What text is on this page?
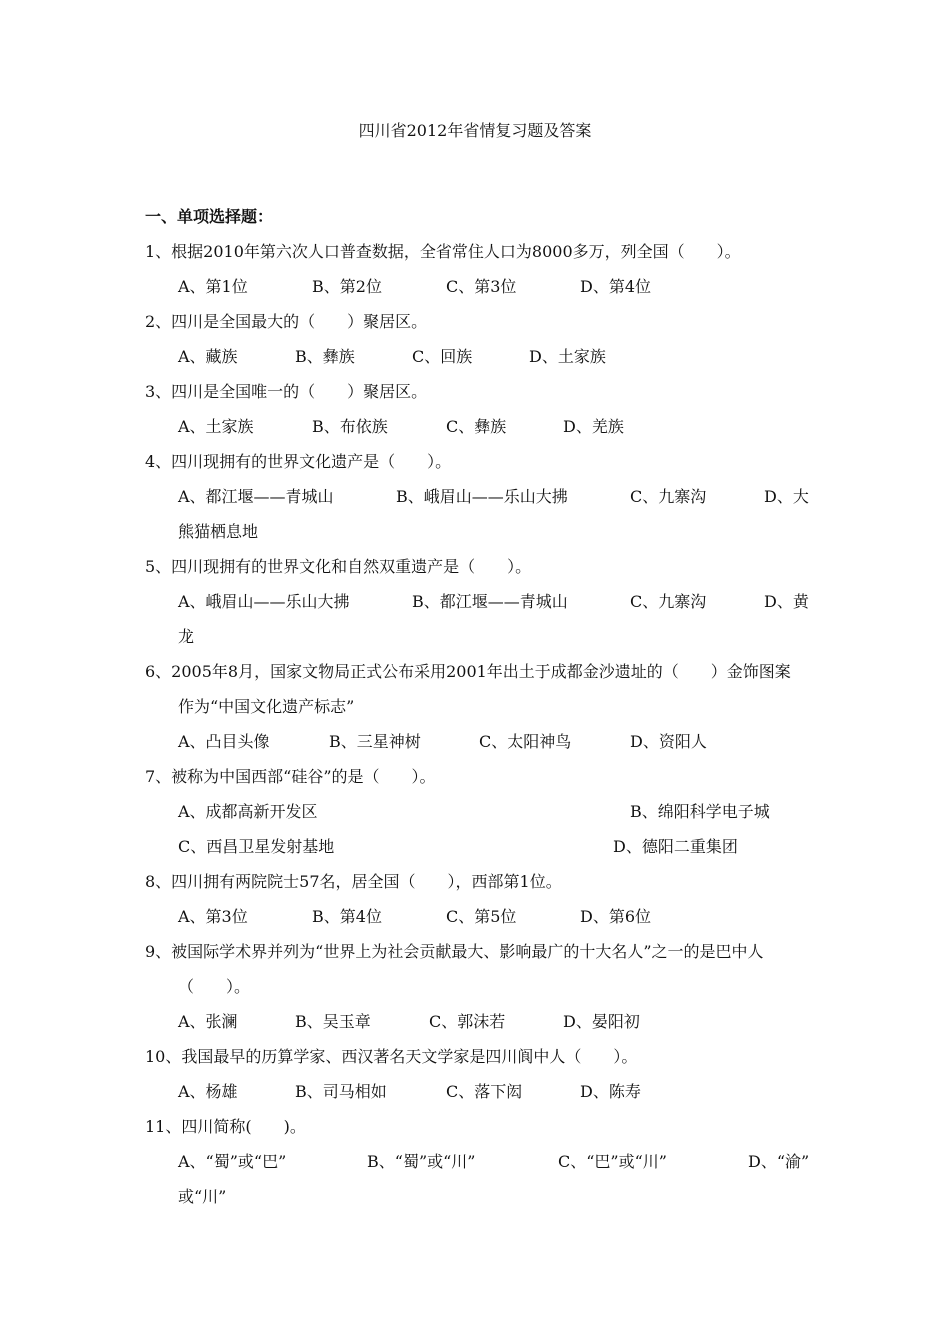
四川省2012年省情复习题及答案
一、单项选择题：
1、根据2010年第六次人口普查数据，全省常住人口为8000多万，列全国（　　）。
A、第1位	B、第2位	C、第3位	D、第4位
2、四川是全国最大的（　　）聚居区。
A、藏族	B、彝族	C、回族	D、土家族
3、四川是全国唯一的（　　）聚居区。
A、土家族	B、布依族	C、彝族	D、羌族
4、四川现拥有的世界文化遗产是（　　）。
A、都江堰——青城山	B、峨眉山——乐山大拂	C、九寨沟	D、大
熊猫栖息地
5、四川现拥有的世界文化和自然双重遗产是（　　）。
A、峨眉山——乐山大拂	B、都江堰——青城山	C、九寨沟	D、黄
龙
6、2005年8月，国家文物局正式公布采用2001年出土于成都金沙遗址的（　　）金饰图案
作为“中国文化遗产标志”
A、凸目头像	B、三星神树	C、太阳神鸟	D、资阳人
7、被称为中国西部“硅谷”的是（　　）。
A、成都高新开发区	B、绵阳科学电子城
C、西昌卫星发射基地	D、德阳二重集团
8、四川拥有两院院士57名，居全国（　　），西部第1位。
A、第3位	B、第4位	C、第5位	D、第6位
9、被国际学术界并列为“世界上为社会贡献最大、影响最广的十大名人”之一的是巴中人
（　　）。
A、张澜	B、吴玉章	C、郭沫若	D、晏阳初
10、我国最早的历算学家、西汉著名天文学家是四川阆中人（　　）。
A、杨雄	B、司马相如	C、落下闳	D、陈寿
11、四川简称(　　)。
A、“蜀”或“巴”	B、“蜀”或“川”	C、“巴”或“川”	D、“渝”
或“川”
